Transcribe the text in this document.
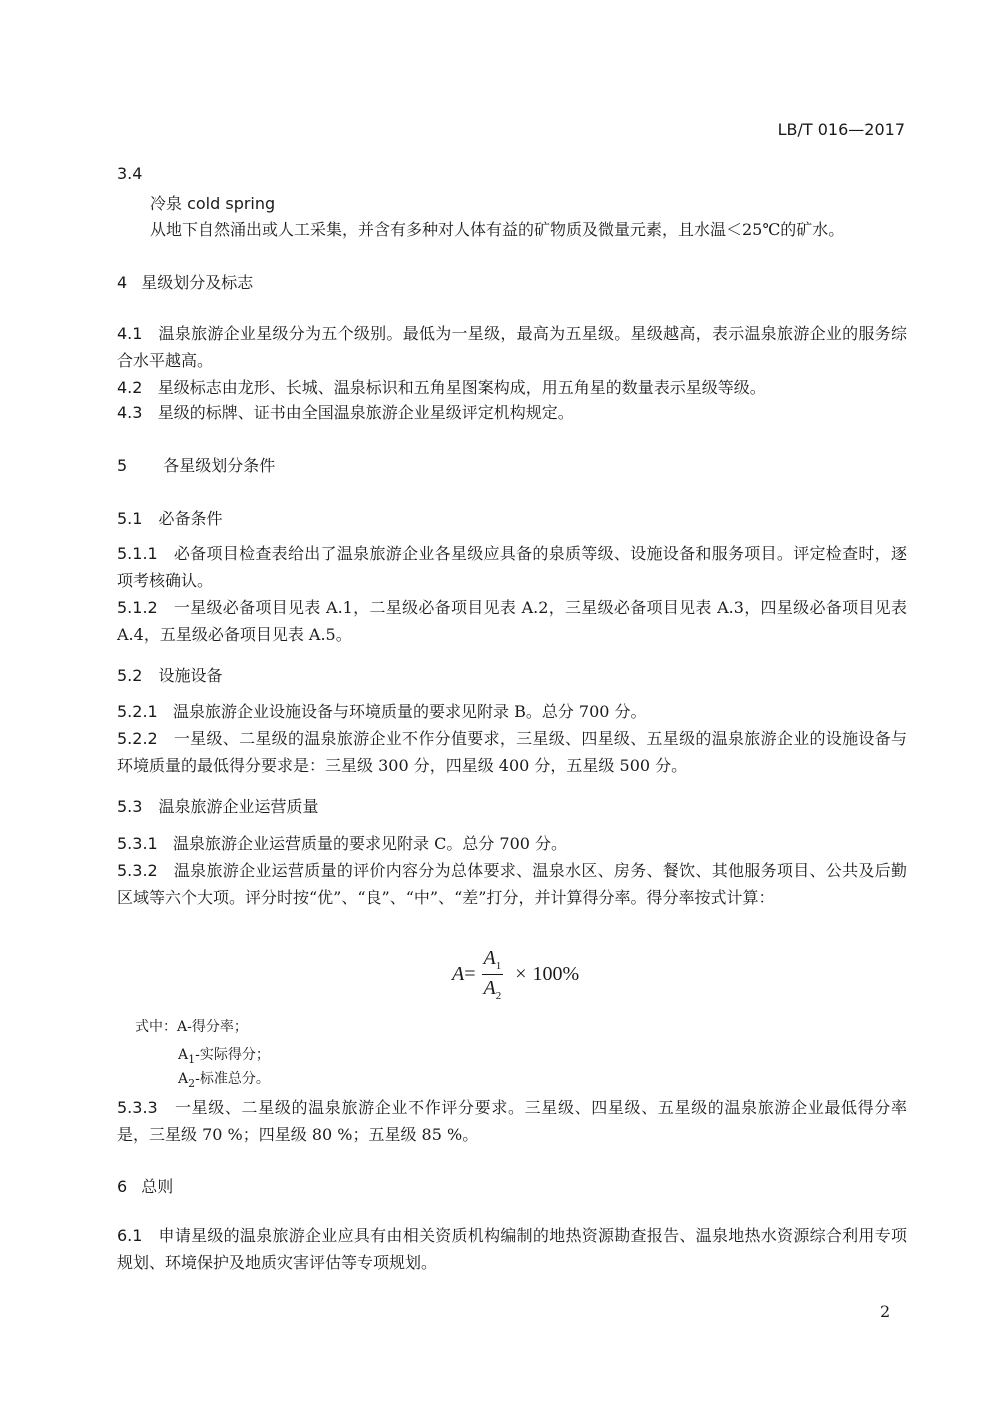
LB/T 016—2017
3.4
冷泉 cold spring
从地下自然涌出或人工采集，并含有多种对人体有益的矿物质及微量元素，且水温＜25℃的矿水。
4 星级划分及标志
4.1 温泉旅游企业星级分为五个级别。最低为一星级，最高为五星级。星级越高，表示温泉旅游企业的服务综合水平越高。
4.2 星级标志由龙形、长城、温泉标识和五角星图案构成，用五角星的数量表示星级等级。
4.3 星级的标牌、证书由全国温泉旅游企业星级评定机构规定。
5 各星级划分条件
5.1 必备条件
5.1.1 必备项目检查表给出了温泉旅游企业各星级应具备的泉质等级、设施设备和服务项目。评定检查时，逐项考核确认。
5.1.2 一星级必备项目见表 A.1，二星级必备项目见表 A.2，三星级必备项目见表 A.3，四星级必备项目见表 A.4，五星级必备项目见表 A.5。
5.2 设施设备
5.2.1 温泉旅游企业设施设备与环境质量的要求见附录 B。总分 700 分。
5.2.2 一星级、二星级的温泉旅游企业不作分值要求，三星级、四星级、五星级的温泉旅游企业的设施设备与环境质量的最低得分要求是：三星级 300 分，四星级 400 分，五星级 500 分。
5.3 温泉旅游企业运营质量
5.3.1 温泉旅游企业运营质量的要求见附录 C。总分 700 分。
5.3.2 温泉旅游企业运营质量的评价内容分为总体要求、温泉水区、房务、餐饮、其他服务项目、公共及后勤区域等六个大项。评分时按“优”、“良”、“中”、“差”打分，并计算得分率。得分率按式计算：
$A = \frac{A_1}{A_2} \times 100\%$
式中：A-得分率；
$A_1-$实际得分；
$A_2-$标准总分。
5.3.3 一星级、二星级的温泉旅游企业不作评分要求。三星级、四星级、五星级的温泉旅游企业最低得分率是，三星级 70 %；四星级 80 %；五星级 85 %。
6 总则
6.1 申请星级的温泉旅游企业应具有由相关资质机构编制的地热资源勘查报告、温泉地热水资源综合利用专项规划、环境保护及地质灾害评估等专项规划。
2
